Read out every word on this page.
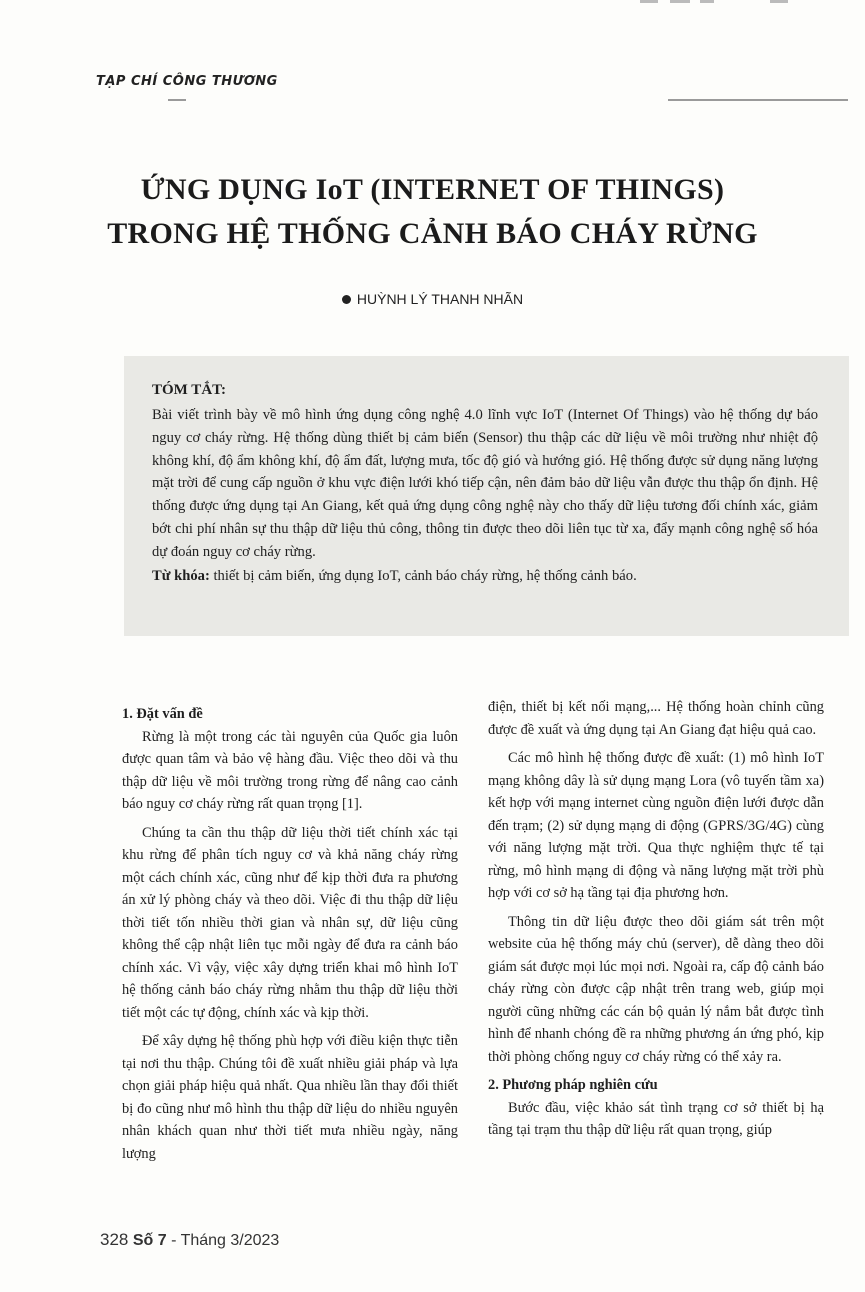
TẠP CHÍ CÔNG THƯƠNG
ỨNG DỤNG IoT (INTERNET OF THINGS)
TRONG HỆ THỐNG CẢNH BÁO CHÁY RỪNG
HUỲNH LÝ THANH NHÃN
TÓM TẮT:

Bài viết trình bày về mô hình ứng dụng công nghệ 4.0 lĩnh vực IoT (Internet Of Things) vào hệ thống dự báo nguy cơ cháy rừng. Hệ thống dùng thiết bị cảm biến (Sensor) thu thập các dữ liệu về môi trường như nhiệt độ không khí, độ ẩm không khí, độ ẩm đất, lượng mưa, tốc độ gió và hướng gió. Hệ thống được sử dụng năng lượng mặt trời để cung cấp nguồn ở khu vực điện lưới khó tiếp cận, nên đảm bảo dữ liệu vẫn được thu thập ổn định. Hệ thống được ứng dụng tại An Giang, kết quả ứng dụng công nghệ này cho thấy dữ liệu tương đối chính xác, giảm bớt chi phí nhân sự thu thập dữ liệu thủ công, thông tin được theo dõi liên tục từ xa, đẩy mạnh công nghệ số hóa dự đoán nguy cơ cháy rừng.

Từ khóa: thiết bị cảm biến, ứng dụng IoT, cảnh báo cháy rừng, hệ thống cảnh báo.

1. Đặt vấn đề

Rừng là một trong các tài nguyên của Quốc gia luôn được quan tâm và bảo vệ hàng đầu. Việc theo dõi và thu thập dữ liệu về môi trường trong rừng để nâng cao cảnh báo nguy cơ cháy rừng rất quan trọng [1].

Chúng ta cần thu thập dữ liệu thời tiết chính xác tại khu rừng để phân tích nguy cơ và khả năng cháy rừng một cách chính xác, cũng như để kịp thời đưa ra phương án xử lý phòng cháy và theo dõi. Việc đi thu thập dữ liệu thời tiết tốn nhiều thời gian và nhân sự, dữ liệu cũng không thể cập nhật liên tục mỗi ngày để đưa ra cảnh báo chính xác. Vì vậy, việc xây dựng triển khai mô hình IoT hệ thống cảnh báo cháy rừng nhằm thu thập dữ liệu thời tiết một các tự động, chính xác và kịp thời.

Để xây dựng hệ thống phù hợp với điều kiện thực tiễn tại nơi thu thập. Chúng tôi đề xuất nhiều giải pháp và lựa chọn giải pháp hiệu quả nhất. Qua nhiều lần thay đổi thiết bị đo cũng như mô hình thu thập dữ liệu do nhiều nguyên nhân khách quan như thời tiết mưa nhiều ngày, năng lượng

điện, thiết bị kết nối mạng,... Hệ thống hoàn chỉnh cũng được đề xuất và ứng dụng tại An Giang đạt hiệu quả cao.

Các mô hình hệ thống được đề xuất: (1) mô hình IoT mạng không dây là sử dụng mạng Lora (vô tuyến tầm xa) kết hợp với mạng internet cùng nguồn điện lưới được dẫn đến trạm; (2) sử dụng mạng di động (GPRS/3G/4G) cùng với năng lượng mặt trời. Qua thực nghiệm thực tế tại rừng, mô hình mạng di động và năng lượng mặt trời phù hợp với cơ sở hạ tầng tại địa phương hơn.

Thông tin dữ liệu được theo dõi giám sát trên một website của hệ thống máy chủ (server), dễ dàng theo dõi giám sát được mọi lúc mọi nơi. Ngoài ra, cấp độ cảnh báo cháy rừng còn được cập nhật trên trang web, giúp mọi người cũng những các cán bộ quản lý nắm bắt được tình hình để nhanh chóng đề ra những phương án ứng phó, kịp thời phòng chống nguy cơ cháy rừng có thể xảy ra.

2. Phương pháp nghiên cứu

Bước đầu, việc khảo sát tình trạng cơ sở thiết bị hạ tầng tại trạm thu thập dữ liệu rất quan trọng, giúp

328 Số 7 - Tháng 3/2023
